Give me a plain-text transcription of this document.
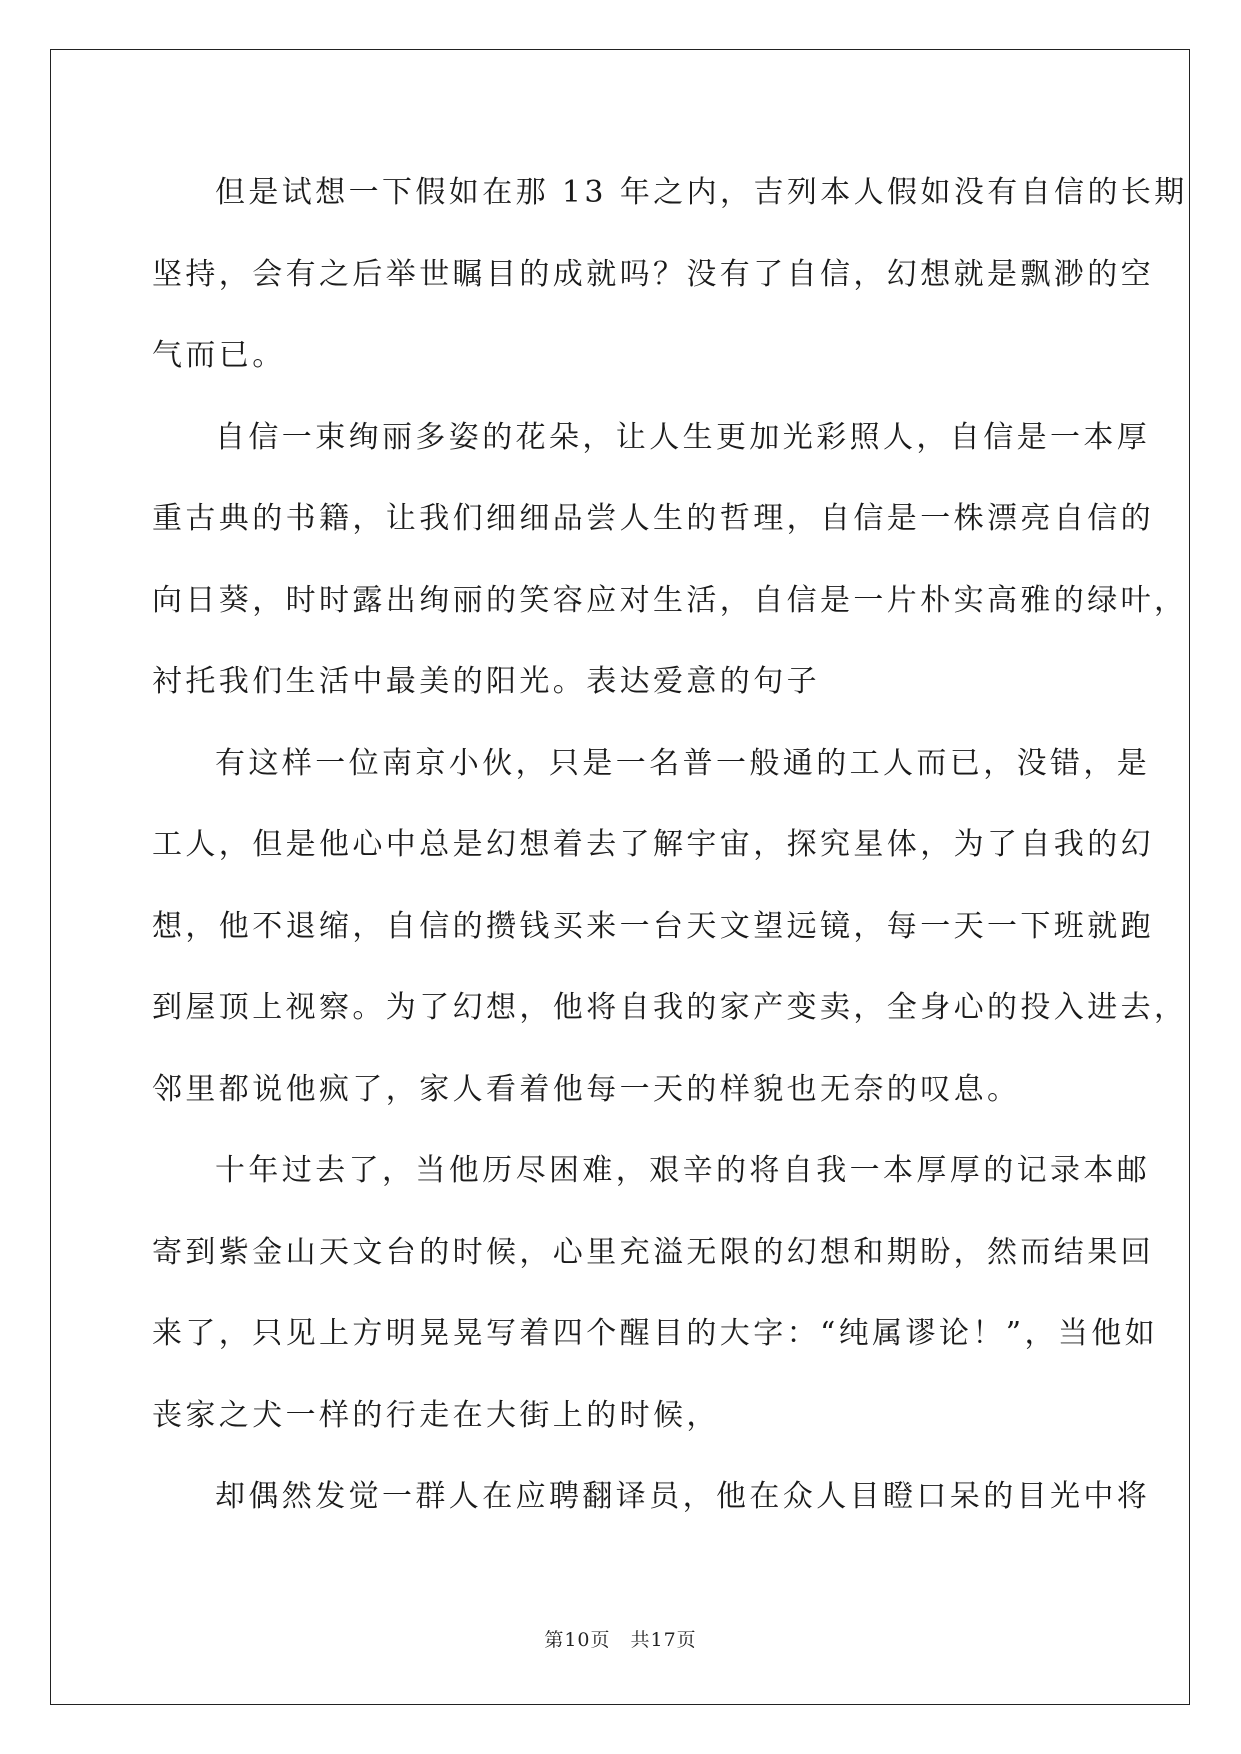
但是试想一下假如在那 13 年之内，吉列本人假如没有自信的长期
坚持，会有之后举世瞩目的成就吗？没有了自信，幻想就是飘渺的空
气而已。
自信一束绚丽多姿的花朵，让人生更加光彩照人，自信是一本厚
重古典的书籍，让我们细细品尝人生的哲理，自信是一株漂亮自信的
向日葵，时时露出绚丽的笑容应对生活，自信是一片朴实高雅的绿叶，
衬托我们生活中最美的阳光。表达爱意的句子
有这样一位南京小伙，只是一名普一般通的工人而已，没错，是
工人，但是他心中总是幻想着去了解宇宙，探究星体，为了自我的幻
想，他不退缩，自信的攒钱买来一台天文望远镜，每一天一下班就跑
到屋顶上视察。为了幻想，他将自我的家产变卖，全身心的投入进去，
邻里都说他疯了，家人看着他每一天的样貌也无奈的叹息。
十年过去了，当他历尽困难，艰辛的将自我一本厚厚的记录本邮
寄到紫金山天文台的时候，心里充溢无限的幻想和期盼，然而结果回
来了，只见上方明晃晃写着四个醒目的大字：“纯属谬论！”，当他如
丧家之犬一样的行走在大街上的时候，
却偶然发觉一群人在应聘翻译员，他在众人目瞪口呆的目光中将
第10页　共17页
